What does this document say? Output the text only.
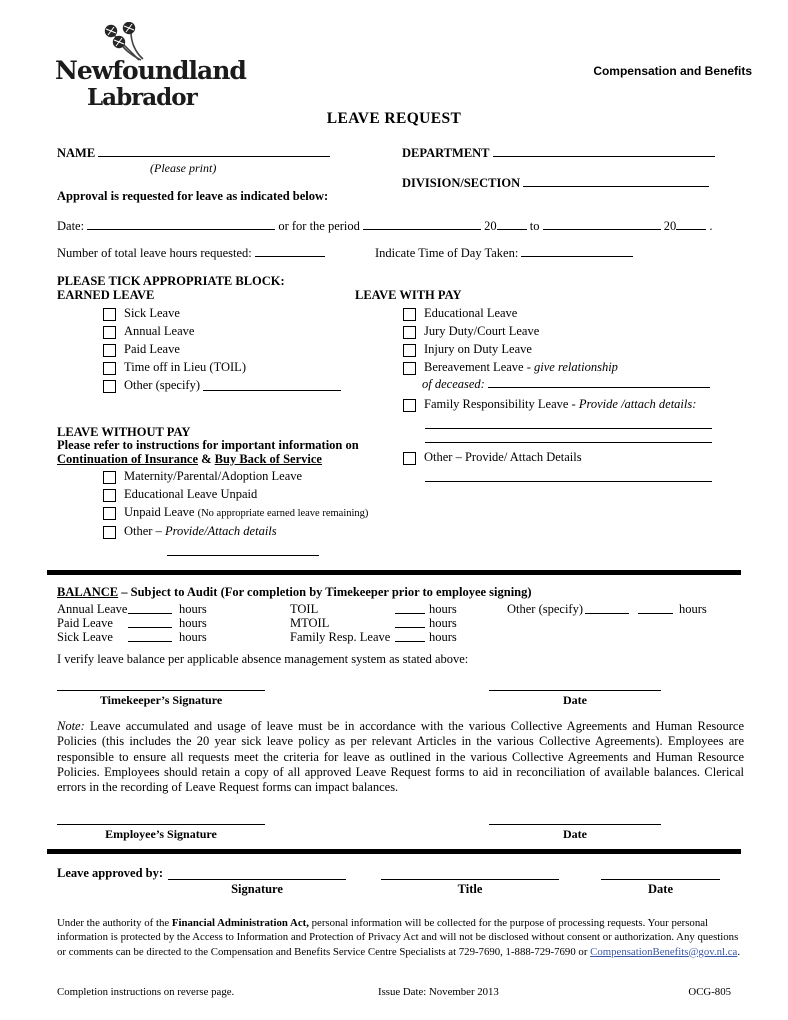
Newfoundland
Labrador
Compensation and Benefits
LEAVE REQUEST
NAME
(Please print)
DEPARTMENT
DIVISION/SECTION
Approval is requested for leave as indicated below:
Date:	or for the period	20	to	20	.
Number of total leave hours requested:	Indicate Time of Day Taken:
PLEASE TICK APPROPRIATE BLOCK:
EARNED LEAVE
Sick Leave
Annual Leave
Paid Leave
Time off in Lieu (TOIL)
Other (specify)

LEAVE WITHOUT PAY
Please refer to instructions for important information on
Continuation of Insurance & Buy Back of Service
Maternity/Parental/Adoption Leave
Educational Leave Unpaid
Unpaid Leave (No appropriate earned leave remaining)
Other – Provide/Attach details
LEAVE WITH PAY
Educational Leave
Jury Duty/Court Leave
Injury on Duty Leave
Bereavement Leave - give relationship
of deceased:
Family Responsibility Leave - Provide /attach details:
Other – Provide/ Attach Details
BALANCE – Subject to Audit (For completion by Timekeeper prior to employee signing)
Annual Leave	hours	TOIL	hours	Other (specify)	hours
Paid Leave	hours	MTOIL	hours
Sick Leave	hours	Family Resp. Leave	hours
I verify leave balance per applicable absence management system as stated above:
Timekeeper’s Signature	Date
Note: Leave accumulated and usage of leave must be in accordance with the various Collective Agreements and Human Resource Policies (this includes the 20 year sick leave policy as per relevant Articles in the various Collective Agreements). Employees are responsible to ensure all requests meet the criteria for leave as outlined in the various Collective Agreements and Human Resource Policies. Employees should retain a copy of all approved Leave Request forms to aid in reconciliation of available balances. Clerical errors in the recording of Leave Request forms can impact balances.
Employee’s Signature	Date
Leave approved by:
Signature	Title	Date
Under the authority of the Financial Administration Act, personal information will be collected for the purpose of processing requests. Your personal information is protected by the Access to Information and Protection of Privacy Act and will not be disclosed without consent or authorization. Any questions or comments can be directed to the Compensation and Benefits Service Centre Specialists at 729-7690, 1-888-729-7690 or CompensationBenefits@gov.nl.ca.
Completion instructions on reverse page.	Issue Date: November 2013	OCG-805
